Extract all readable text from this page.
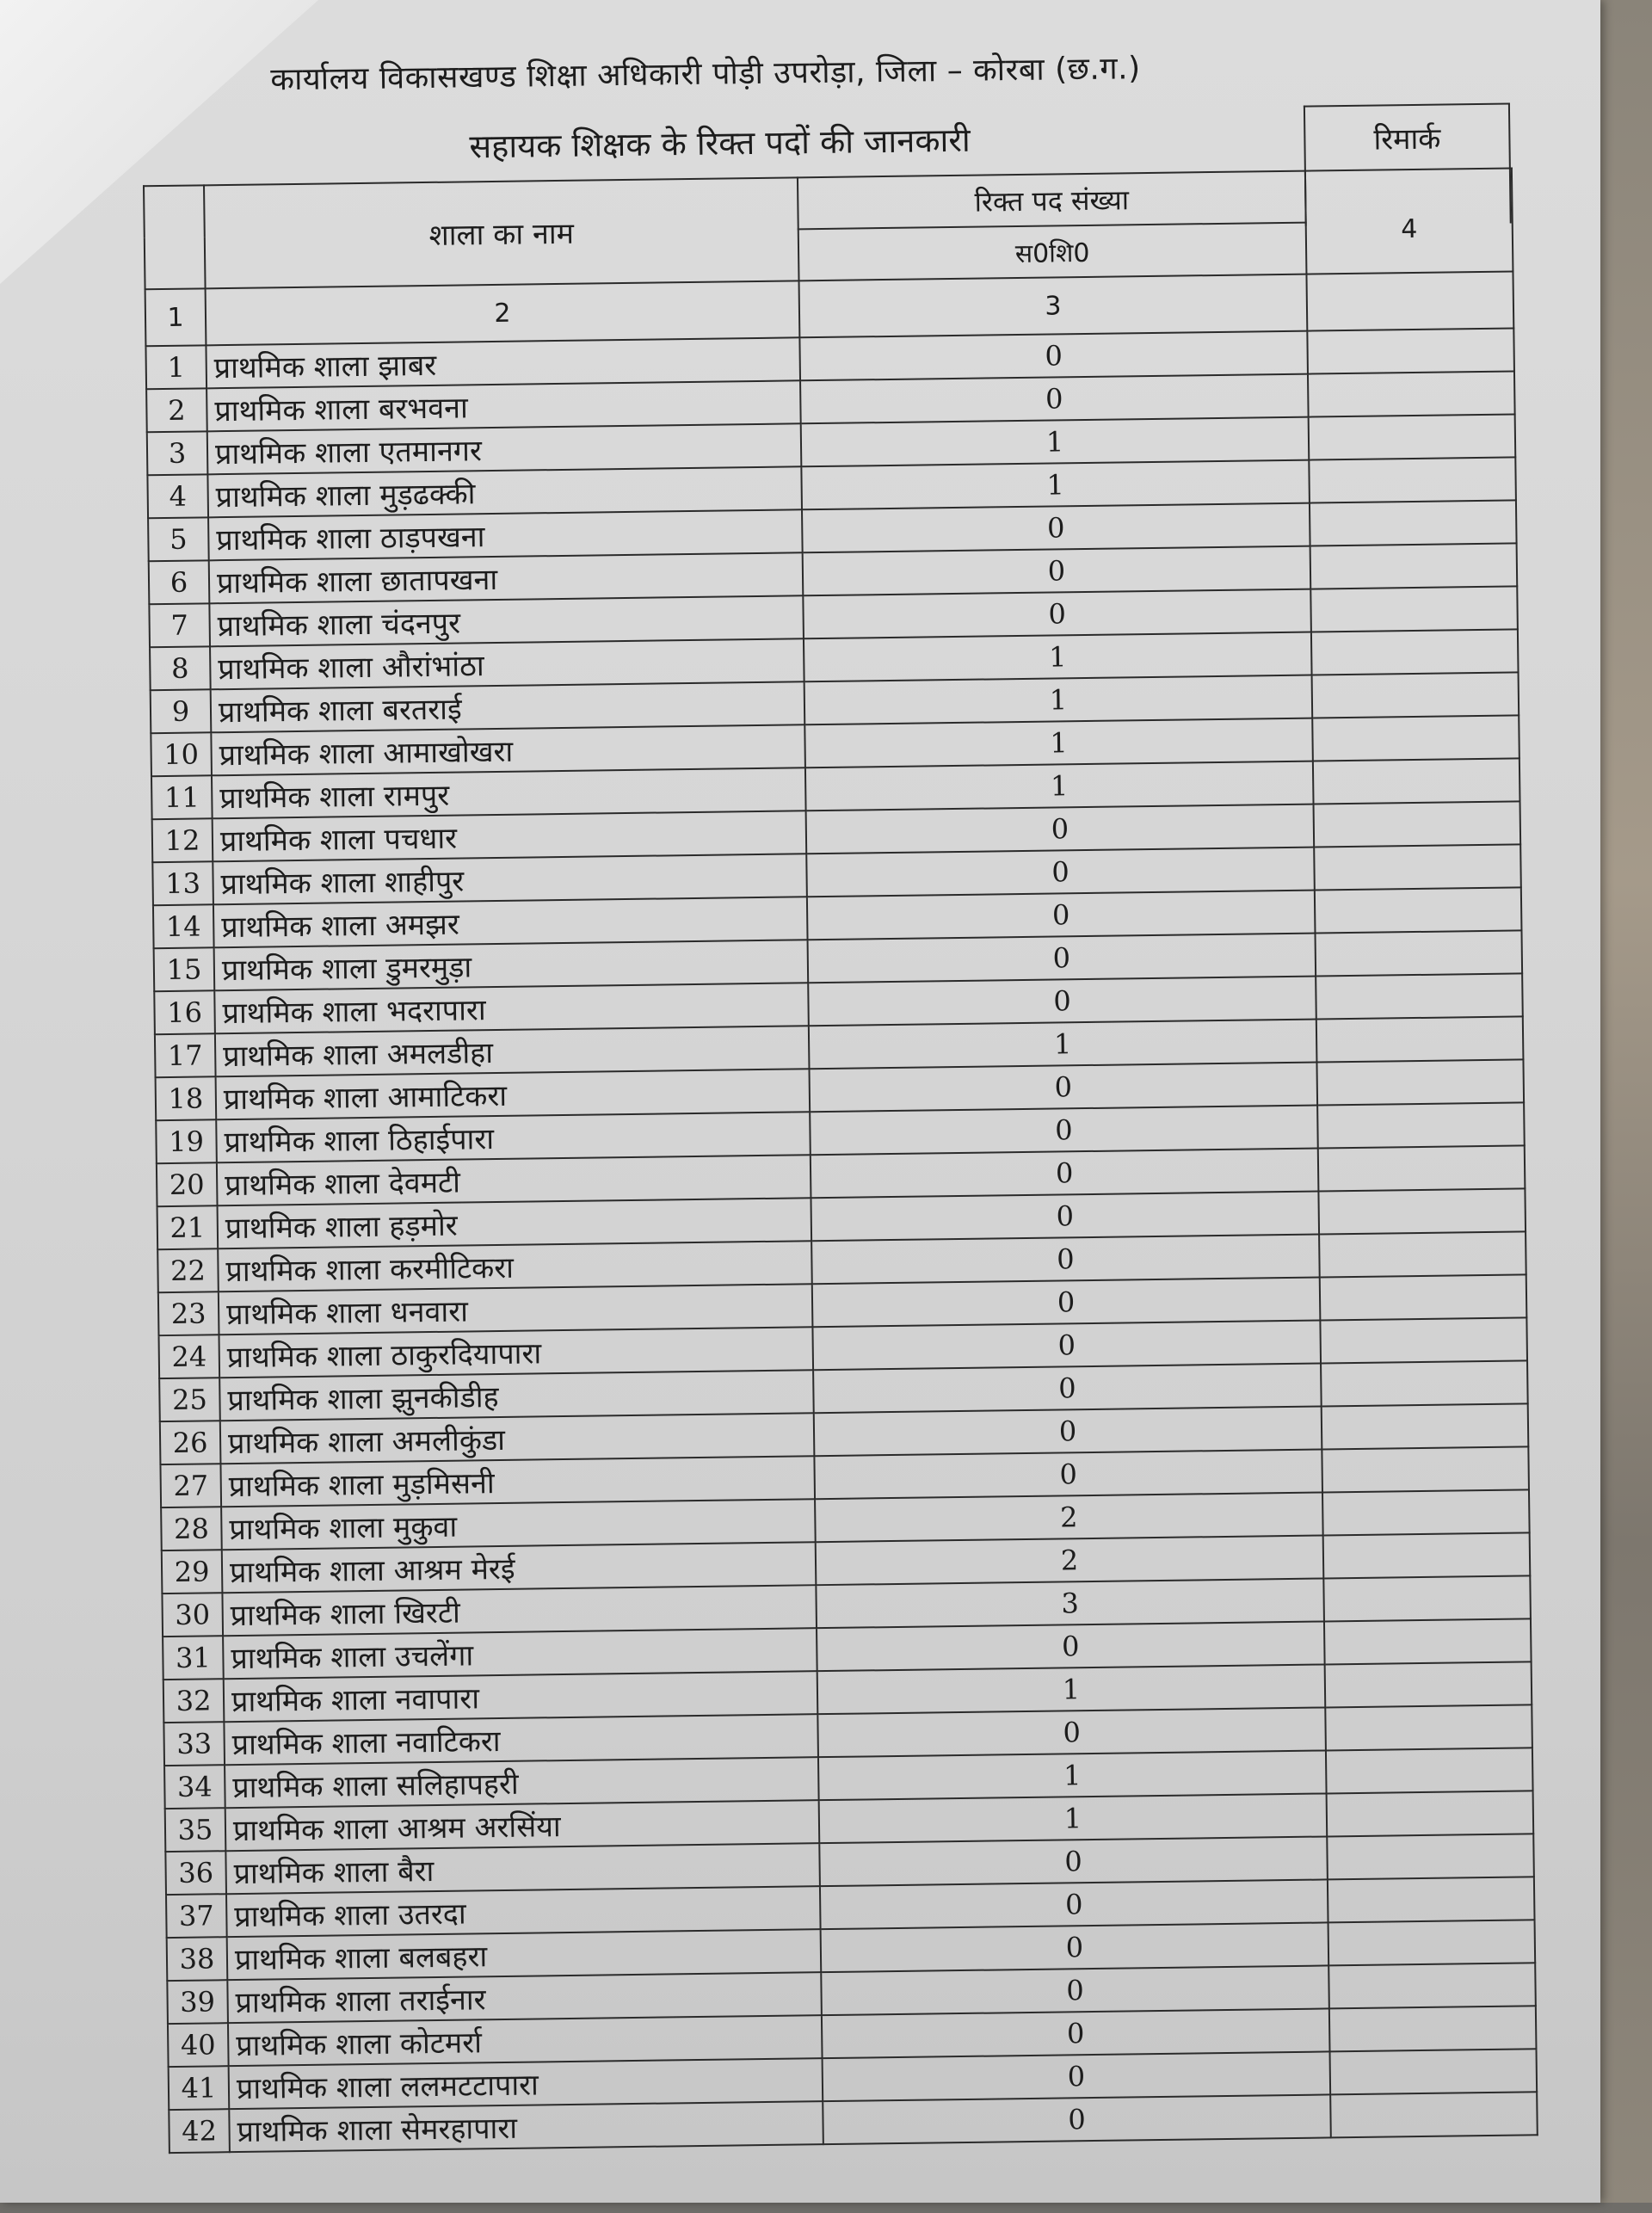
कार्यालय विकासखण्ड शिक्षा अधिकारी पोड़ी उपरोड़ा, जिला – कोरबा (छ.ग.)
सहायक शिक्षक के रिक्त पदों की जानकारी	रिमार्क
	शाला का नाम	रिक्त पद संख्या	4
		स0शि0	
1	2	3	
1	प्राथमिक शाला झाबर	0	
2	प्राथमिक शाला बरभवना	0	
3	प्राथमिक शाला एतमानगर	1	
4	प्राथमिक शाला मुड़ढक्की	1	
5	प्राथमिक शाला ठाड़पखना	0	
6	प्राथमिक शाला छातापखना	0	
7	प्राथमिक शाला चंदनपुर	0	
8	प्राथमिक शाला औरांभांठा	1	
9	प्राथमिक शाला बरतराई	1	
10	प्राथमिक शाला आमाखोखरा	1	
11	प्राथमिक शाला रामपुर	1	
12	प्राथमिक शाला पचधार	0	
13	प्राथमिक शाला शाहीपुर	0	
14	प्राथमिक शाला अमझर	0	
15	प्राथमिक शाला डुमरमुड़ा	0	
16	प्राथमिक शाला भदरापारा	0	
17	प्राथमिक शाला अमलडीहा	1	
18	प्राथमिक शाला आमाटिकरा	0	
19	प्राथमिक शाला ठिहाईपारा	0	
20	प्राथमिक शाला देवमटी	0	
21	प्राथमिक शाला हड़मोर	0	
22	प्राथमिक शाला करमीटिकरा	0	
23	प्राथमिक शाला धनवारा	0	
24	प्राथमिक शाला ठाकुरदियापारा	0	
25	प्राथमिक शाला झुनकीडीह	0	
26	प्राथमिक शाला अमलीकुंडा	0	
27	प्राथमिक शाला मुड़मिसनी	0	
28	प्राथमिक शाला मुकुवा	2	
29	प्राथमिक शाला आश्रम मेरई	2	
30	प्राथमिक शाला खिरटी	3	
31	प्राथमिक शाला उचलेंगा	0	
32	प्राथमिक शाला नवापारा	1	
33	प्राथमिक शाला नवाटिकरा	0	
34	प्राथमिक शाला सलिहापहरी	1	
35	प्राथमिक शाला आश्रम अरसिंया	1	
36	प्राथमिक शाला बैरा	0	
37	प्राथमिक शाला उतरदा	0	
38	प्राथमिक शाला बलबहरा	0	
39	प्राथमिक शाला तराईनार	0	
40	प्राथमिक शाला कोटमर्रा	0	
41	प्राथमिक शाला ललमटटापारा	0	
42	प्राथमिक शाला सेमरहापारा	0	
